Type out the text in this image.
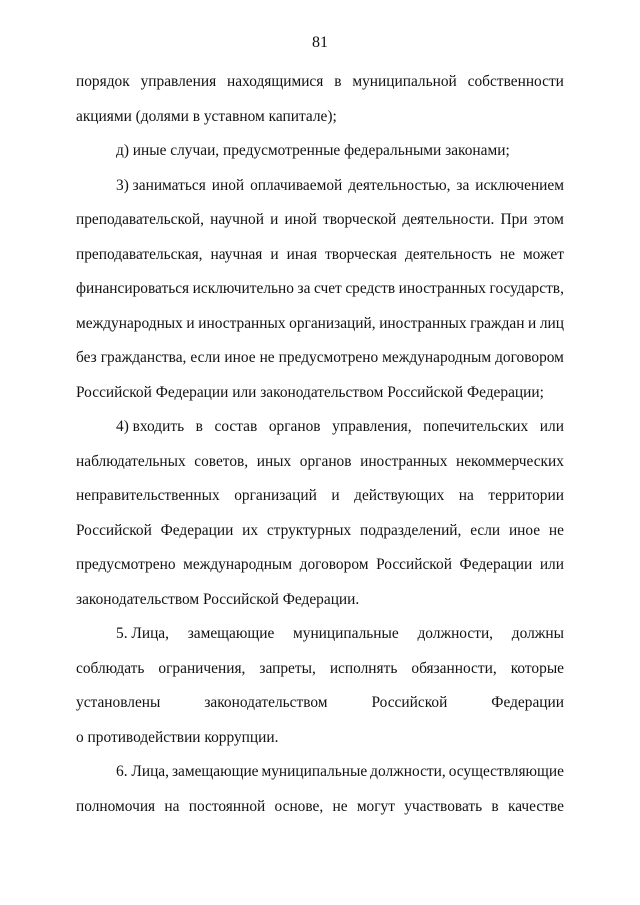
81
порядок управления находящимися в муниципальной собственности
акциями (долями в уставном капитале);
д) иные случаи, предусмотренные федеральными законами;
3) заниматься иной оплачиваемой деятельностью, за исключением
преподавательской, научной и иной творческой деятельности. При этом
преподавательская, научная и иная творческая деятельность не может
финансироваться исключительно за счет средств иностранных государств,
международных и иностранных организаций, иностранных граждан и лиц
без гражданства, если иное не предусмотрено международным договором
Российской Федерации или законодательством Российской Федерации;
4) входить в состав органов управления, попечительских или
наблюдательных советов, иных органов иностранных некоммерческих
неправительственных организаций и действующих на территории
Российской Федерации их структурных подразделений, если иное не
предусмотрено международным договором Российской Федерации или
законодательством Российской Федерации.
5. Лица, замещающие муниципальные должности, должны
соблюдать ограничения, запреты, исполнять обязанности, которые
установлены	законодательством	Российской	Федерации
о противодействии коррупции.
6. Лица, замещающие муниципальные должности, осуществляющие
полномочия на постоянной основе, не могут участвовать в качестве
